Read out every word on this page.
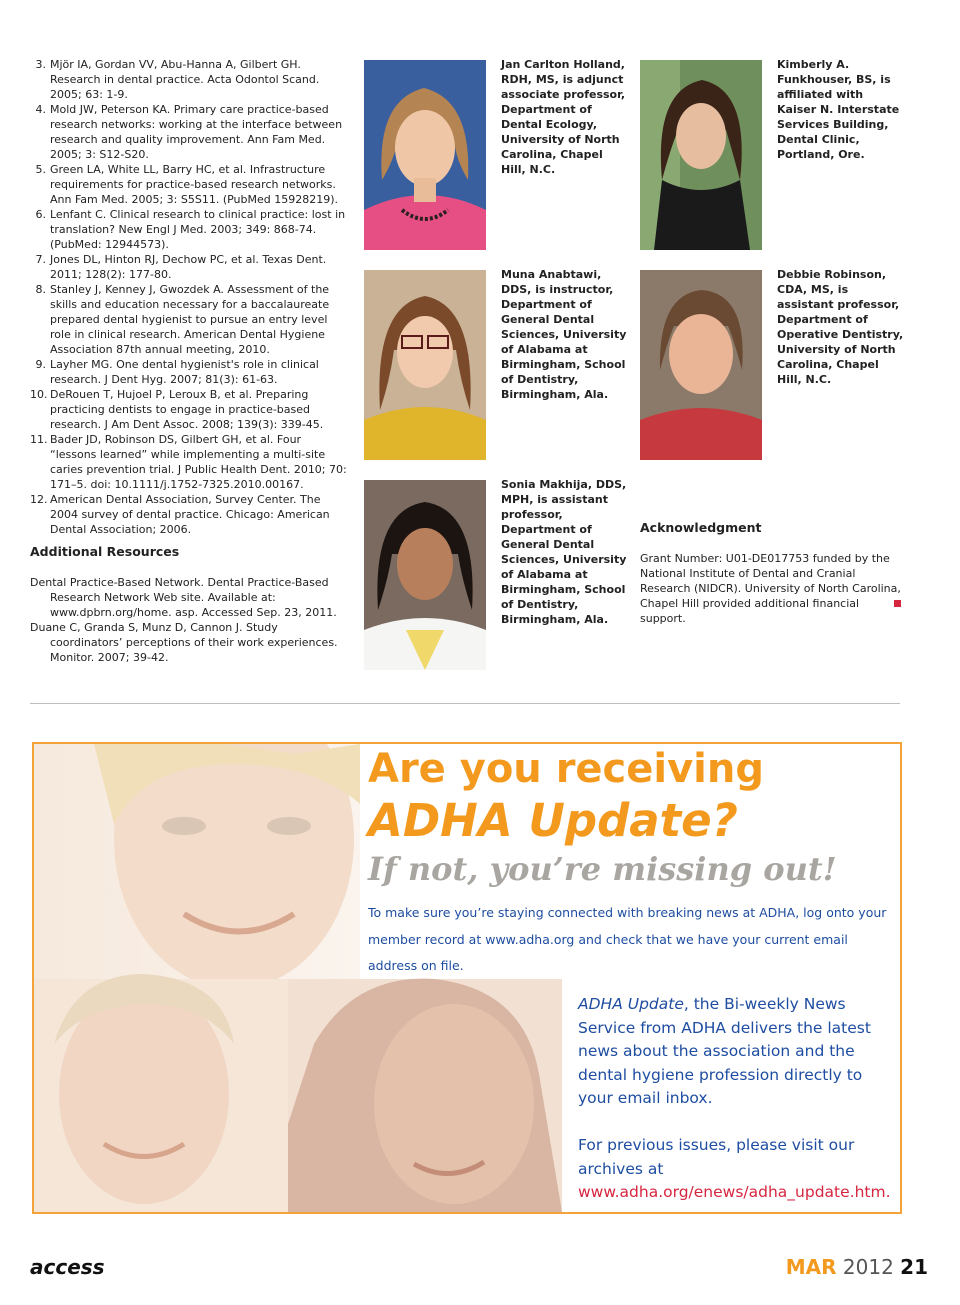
3. Mjör IA, Gordan VV, Abu-Hanna A, Gilbert GH. Research in dental practice. Acta Odontol Scand. 2005; 63: 1-9.
4. Mold JW, Peterson KA. Primary care practice-based research networks: working at the interface between research and quality improvement. Ann Fam Med. 2005; 3: S12-S20.
5. Green LA, White LL, Barry HC, et al. Infrastructure requirements for practice-based research networks. Ann Fam Med. 2005; 3: S5S11. (PubMed 15928219).
6. Lenfant C. Clinical research to clinical practice: lost in translation? New Engl J Med. 2003; 349: 868-74. (PubMed: 12944573).
7. Jones DL, Hinton RJ, Dechow PC, et al. Texas Dent. 2011; 128(2): 177-80.
8. Stanley J, Kenney J, Gwozdek A. Assessment of the skills and education necessary for a baccalaureate prepared dental hygienist to pursue an entry level role in clinical research. American Dental Hygiene Association 87th annual meeting, 2010.
9. Layher MG. One dental hygienist's role in clinical research. J Dent Hyg. 2007; 81(3): 61-63.
10. DeRouen T, Hujoel P, Leroux B, et al. Preparing practicing dentists to engage in practice-based research. J Am Dent Assoc. 2008; 139(3): 339-45.
11. Bader JD, Robinson DS, Gilbert GH, et al. Four “lessons learned” while implementing a multi-site caries prevention trial. J Public Health Dent. 2010; 70: 171–5. doi: 10.1111/j.1752-7325.2010.00167.
12. American Dental Association, Survey Center. The 2004 survey of dental practice. Chicago: American Dental Association; 2006.
Additional Resources

Dental Practice-Based Network. Dental Practice-Based Research Network Web site. Available at: www.dpbrn.org/home. asp. Accessed Sep. 23, 2011.

Duane C, Granda S, Munz D, Cannon J. Study coordinators’ perceptions of their work experiences. Monitor. 2007; 39-42.

Jan Carlton Holland, RDH, MS, is adjunct associate professor, Department of Dental Ecology, University of North Carolina, Chapel Hill, N.C.
Kimberly A. Funkhouser, BS, is affiliated with Kaiser N. Interstate Services Building, Dental Clinic, Portland, Ore.
Muna Anabtawi, DDS, is instructor, Department of General Dental Sciences, University of Alabama at Birmingham, School of Dentistry, Birmingham, Ala.
Debbie Robinson, CDA, MS, is assistant professor, Department of Operative Dentistry, University of North Carolina, Chapel Hill, N.C.
Sonia Makhija, DDS, MPH, is assistant professor, Department of General Dental Sciences, University of Alabama at Birmingham, School of Dentistry, Birmingham, Ala.
Acknowledgment
Grant Number: U01-DE017753 funded by the National Institute of Dental and Cranial Research (NIDCR). University of North Carolina, Chapel Hill provided additional financial support.
Are you receiving
ADHA Update?
If not, you’re missing out!
To make sure you’re staying connected with breaking news at ADHA, log onto your member record at www.adha.org and check that we have your current email address on file.
ADHA Update, the Bi-weekly News Service from ADHA delivers the latest news about the association and the dental hygiene profession directly to your email inbox.
For previous issues, please visit our archives at
www.adha.org/enews/adha_update.htm.
access	MAR 2012 21
